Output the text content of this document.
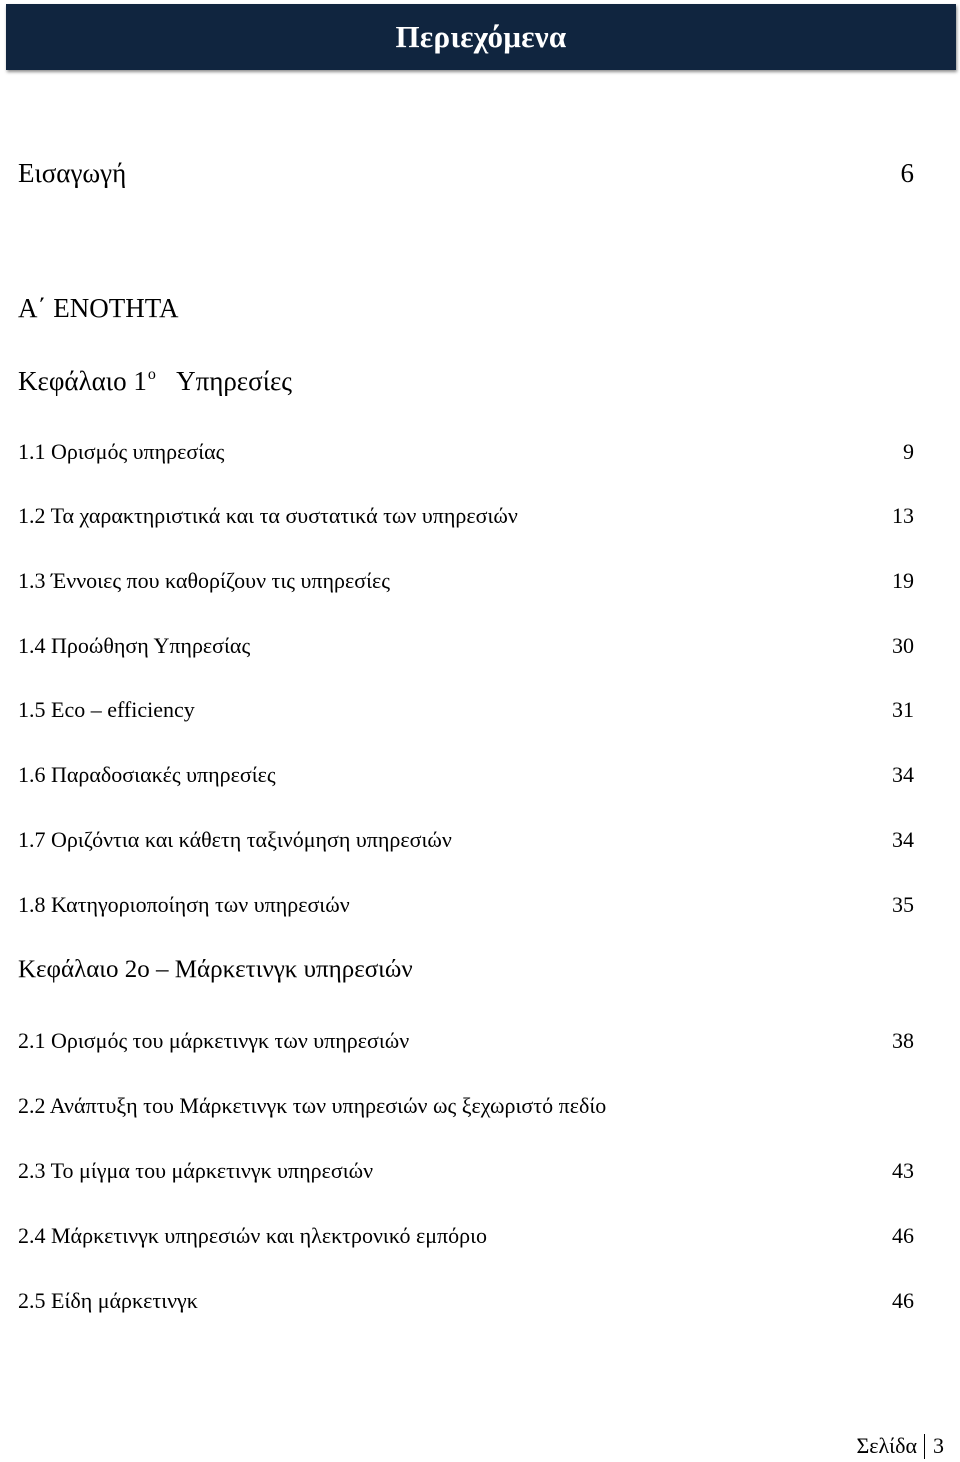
Περιεχόμενα
Εισαγωγή	6
Α΄ ΕΝΟΤΗΤΑ
Κεφάλαιο $1^o$ Υπηρεσίες
1.1 Ορισμός υπηρεσίας	9
1.2 Τα χαρακτηριστικά και τα συστατικά των υπηρεσιών	13
1.3 Έννοιες που καθορίζουν τις υπηρεσίες	19
1.4 Προώθηση Υπηρεσίας	30
1.5 Eco – efficiency	31
1.6 Παραδοσιακές υπηρεσίες	34
1.7 Οριζόντια και κάθετη ταξινόμηση υπηρεσιών	34
1.8 Κατηγοριοποίηση των υπηρεσιών	35
Κεφάλαιο 2ο – Μάρκετινγκ υπηρεσιών
2.1 Ορισμός του μάρκετινγκ των υπηρεσιών	38
2.2 Ανάπτυξη του Μάρκετινγκ των υπηρεσιών ως ξεχωριστό πεδίο
2.3 Το μίγμα του μάρκετινγκ υπηρεσιών	43
2.4 Μάρκετινγκ υπηρεσιών και ηλεκτρονικό εμπόριο	46
2.5 Είδη μάρκετινγκ	46
Σελίδα 3
